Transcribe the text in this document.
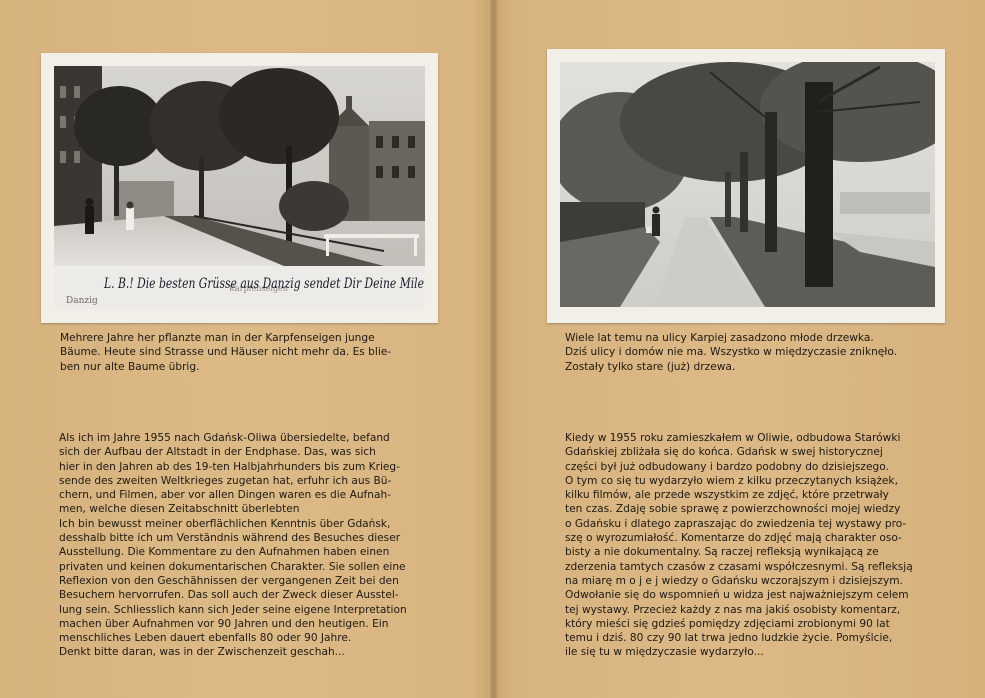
Danzig
Karpfenseigen
L. B.! Die besten Grüsse aus Danzig sendet Dir Deine Mile

Mehrere Jahre her pflanzte man in der Karpfenseigen junge
Bäume. Heute sind Strasse und Häuser nicht mehr da. Es blie-
ben nur alte Baume übrig.

Wiele lat temu na ulicy Karpiej zasadzono młode drzewka.
Dziś ulicy i domów nie ma. Wszystko w międzyczasie zniknęło.
Zostały tylko stare (już) drzewa.

Als ich im Jahre 1955 nach Gdańsk-Oliwa übersiedelte, befand
sich der Aufbau der Altstadt in der Endphase. Das, was sich
hier in den Jahren ab des 19-ten Halbjahrhunders bis zum Krieg-
sende des zweiten Weltkrieges zugetan hat, erfuhr ich aus Bü-
chern, und Filmen, aber vor allen Dingen waren es die Aufnah-
men, welche diesen Zeitabschnitt überlebten
Ich bin bewusst meiner oberflächlichen Kenntnis über Gdańsk,
desshalb bitte ich um Verständnis während des Besuches dieser
Ausstellung. Die Kommentare zu den Aufnahmen haben einen
privaten und keinen dokumentarischen Charakter. Sie sollen eine
Reflexion von den Geschähnissen der vergangenen Zeit bei den
Besuchern hervorrufen. Das soll auch der Zweck dieser Ausstel-
lung sein. Schliesslich kann sich Jeder seine eigene Interpretation
machen über Aufnahmen vor 90 Jahren und den heutigen. Ein
menschliches Leben dauert ebenfalls 80 oder 90 Jahre.
Denkt bitte daran, was in der Zwischenzeit geschah...

Kiedy w 1955 roku zamieszkałem w Oliwie, odbudowa Starówki
Gdańskiej zbliżała się do końca. Gdańsk w swej historycznej
części był już odbudowany i bardzo podobny do dzisiejszego.
O tym co się tu wydarzyło wiem z kilku przeczytanych książek,
kilku filmów, ale przede wszystkim ze zdjęć, które przetrwały
ten czas. Zdaję sobie sprawę z powierzchowności mojej wiedzy
o Gdańsku i dlatego zapraszając do zwiedzenia tej wystawy pro-
szę o wyrozumiałość. Komentarze do zdjęć mają charakter oso-
bisty a nie dokumentalny. Są raczej refleksją wynikającą ze
zderzenia tamtych czasów z czasami współczesnymi. Są refleksją
na miarę m o j e j wiedzy o Gdańsku wczorajszym i dzisiejszym.
Odwołanie się do wspomnień u widza jest najważniejszym celem
tej wystawy. Przecież każdy z nas ma jakiś osobisty komentarz,
który mieści się gdzieś pomiędzy zdjęciami zrobionymi 90 lat
temu i dziś. 80 czy 90 lat trwa jedno ludzkie życie. Pomyślcie,
ile się tu w międzyczasie wydarzyło...
